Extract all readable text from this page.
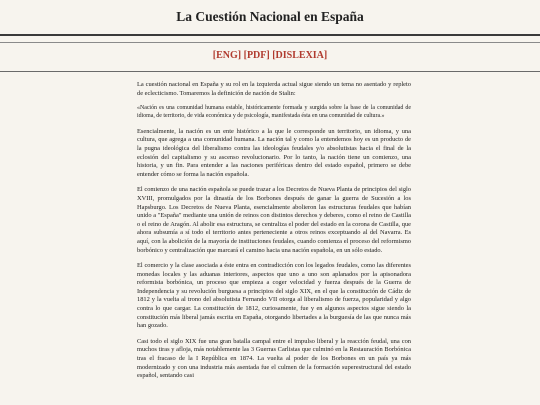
La Cuestión Nacional en España
[ENG] [PDF] [DISLEXIA]

La cuestión nacional en España y su rol en la izquierda actual sigue siendo un tema no asentado y repleto de eclecticismo. Tomaremos la definición de nación de Stalin:

«Nación es una comunidad humana estable, históricamente formada y surgida sobre la base de la comunidad de idioma, de territorio, de vida económica y de psicología, manifestada ésta en una comunidad de cultura.»

Esencialmente, la nación es un ente histórico a la que le corresponde un territorio, un idioma, y una cultura, que agrega a una comunidad humana. La nación tal y como la entendemos hoy es un producto de la pugna ideológica del liberalismo contra las ideologías feudales y/o absolutistas hacia el final de la eclosión del capitalismo y su ascenso revolucionario. Por lo tanto, la nación tiene un comienzo, una historia, y un fin. Para entender a las naciones periféricas dentro del estado español, primero se debe entender cómo se forma la nación española.

El comienzo de una nación española se puede trazar a los Decretos de Nueva Planta de principios del siglo XVIII, promulgados por la dinastía de los Borbones después de ganar la guerra de Sucesión a los Hapsburgo. Los Decretos de Nueva Planta, esencialmente abolieron las estructuras feudales que habían unido a "España" mediante una unión de reinos con distintos derechos y deberes, como el reino de Castilla o el reino de Aragón. Al abolir esa estructura, se centraliza el poder del estado en la corona de Castilla, que ahora subsumía a sí todo el territorio antes perteneciente a otros reinos exceptuando al del Navarra. Es aquí, con la abolición de la mayoría de instituciones feudales, cuando comienza el proceso del reformismo borbónico y centralización que marcará el camino hacia una nación española, en un sólo estado.

El comercio y la clase asociada a éste entra en contradicción con los legados feudales, como las diferentes monedas locales y las aduanas interiores, aspectos que uno a uno son aplanados por la apisonadora reformista borbónica, un proceso que empieza a coger velocidad y fuerza después de la Guerra de Independencia y su revolución burguesa a principios del siglo XIX, en el que la constitución de Cádiz de 1812 y la vuelta al trono del absolutista Fernando VII otorga al liberalismo de fuerza, popularidad y algo contra lo que cargar. La constitución de 1812, curiosamente, fue y en algunos aspectos sigue siendo la constitución más liberal jamás escrita en España, otorgando libertades a la burguesía de las que nunca más han gozado.

Casi todo el siglo XIX fue una gran batalla campal entre el impulso liberal y la reacción feudal, una con muchos tiras y afloja, más notablemente las 3 Guerras Carlistas que culminó en la Restauración Borbónica tras el fracaso de la I República en 1874. La vuelta al poder de los Borbones en un país ya más modernizado y con una industria más asentada fue el culmen de la formación superestructural del estado español, sentando casi
